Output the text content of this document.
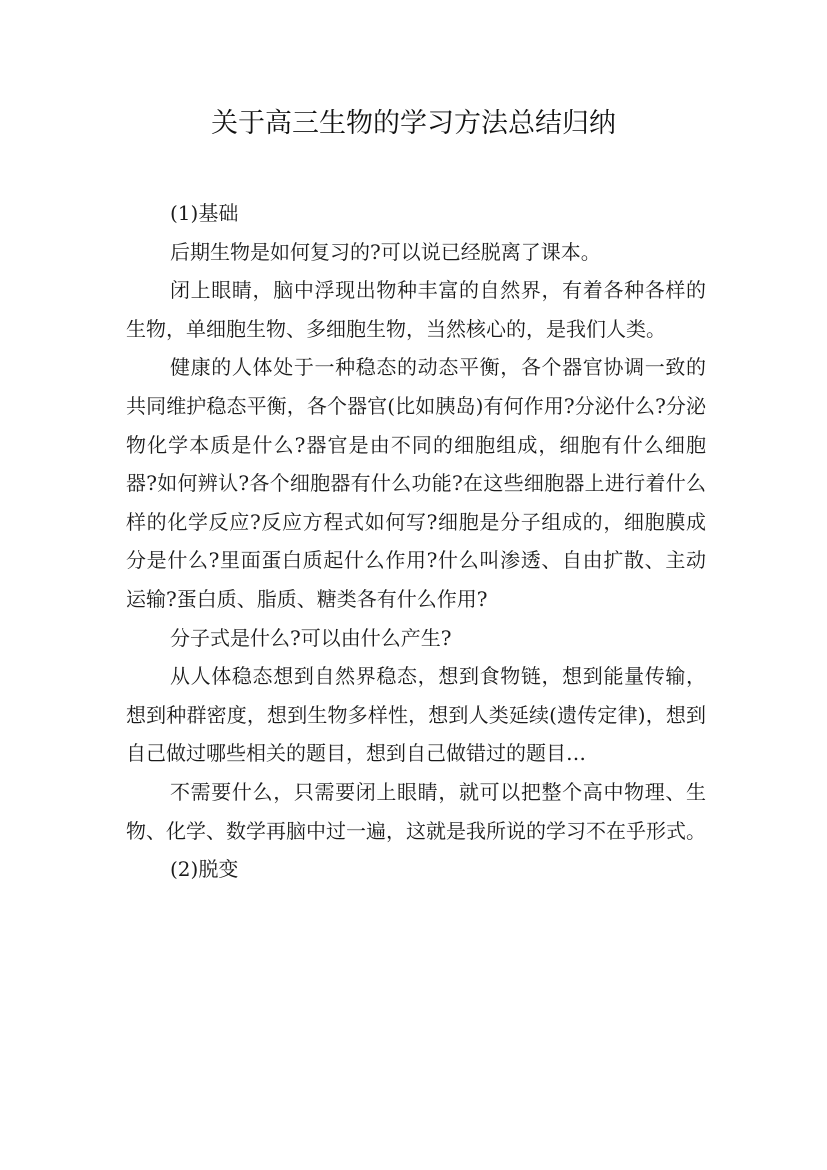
关于高三生物的学习方法总结归纳

(1)基础

后期生物是如何复习的?可以说已经脱离了课本。

闭上眼睛，脑中浮现出物种丰富的自然界，有着各种各样的生物，单细胞生物、多细胞生物，当然核心的，是我们人类。

健康的人体处于一种稳态的动态平衡，各个器官协调一致的共同维护稳态平衡，各个器官(比如胰岛)有何作用?分泌什么?分泌物化学本质是什么?器官是由不同的细胞组成，细胞有什么细胞器?如何辨认?各个细胞器有什么功能?在这些细胞器上进行着什么样的化学反应?反应方程式如何写?细胞是分子组成的，细胞膜成分是什么?里面蛋白质起什么作用?什么叫渗透、自由扩散、主动运输?蛋白质、脂质、糖类各有什么作用?

分子式是什么?可以由什么产生?

从人体稳态想到自然界稳态，想到食物链，想到能量传输，想到种群密度，想到生物多样性，想到人类延续(遗传定律)，想到自己做过哪些相关的题目，想到自己做错过的题目…

不需要什么，只需要闭上眼睛，就可以把整个高中物理、生物、化学、数学再脑中过一遍，这就是我所说的学习不在乎形式。

(2)脱变
